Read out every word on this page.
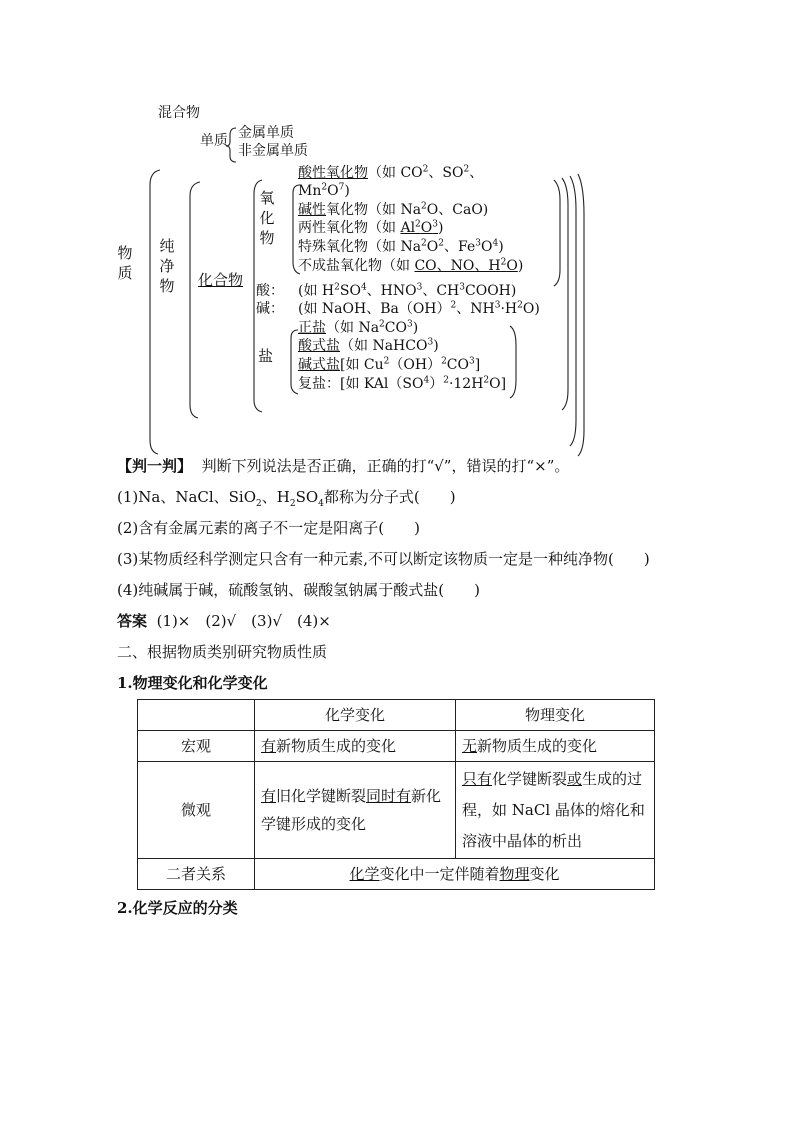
混合物
单质 金属单质
非金属单质
物质
纯净物 化合物
氧化物
酸性氧化物（如 $CO^2$、$SO^2$、
$Mn^2O^7$)
碱性氧化物（如 Na$^2$O、CaO)
两性氧化物（如 $Al^2O^3$)
特殊氧化物（如 $Na^2O^2$、$Fe^3O^4$)
不成盐氧化物（如 CO、NO、$H^2O$)
酸： (如 $H^2SO^4$、HNO$^3$、$CH^3COOH$)
碱： (如 NaOH、Ba（OH）$^2$、$NH^3\cdot H^2O$)
盐
正盐（如 $Na^2CO^3$)
酸式盐（如 NaHCO$^3$)
碱式盐[如 $Cu^2(OH)^2CO^3$]
复盐：[如 $KAl(SO^4)^2\cdot 12H^2O$]
【判一判】 判断下列说法是否正确，正确的打“√”，错误的打“×”。
(1)Na、NaCl、SiO$_2$、$H_2SO_4$都称为分子式(　　)
(2)含有金属元素的离子不一定是阳离子(　　)
(3)某物质经科学测定只含有一种元素,不可以断定该物质一定是一种纯净物(　　)
(4)纯碱属于碱，硫酸氢钠、碳酸氢钠属于酸式盐(　　)
答案 (1)×　(2)√　(3)√　(4)×
二、根据物质类别研究物质性质
1.物理变化和化学变化
	化学变化	物理变化
宏观	有新物质生成的变化	无新物质生成的变化
微观	有旧化学键断裂同时有新化学键形成的变化	只有化学键断裂或生成的过程，如 NaCl 晶体的熔化和溶液中晶体的析出
二者关系	化学变化中一定伴随着物理变化	
2.化学反应的分类
